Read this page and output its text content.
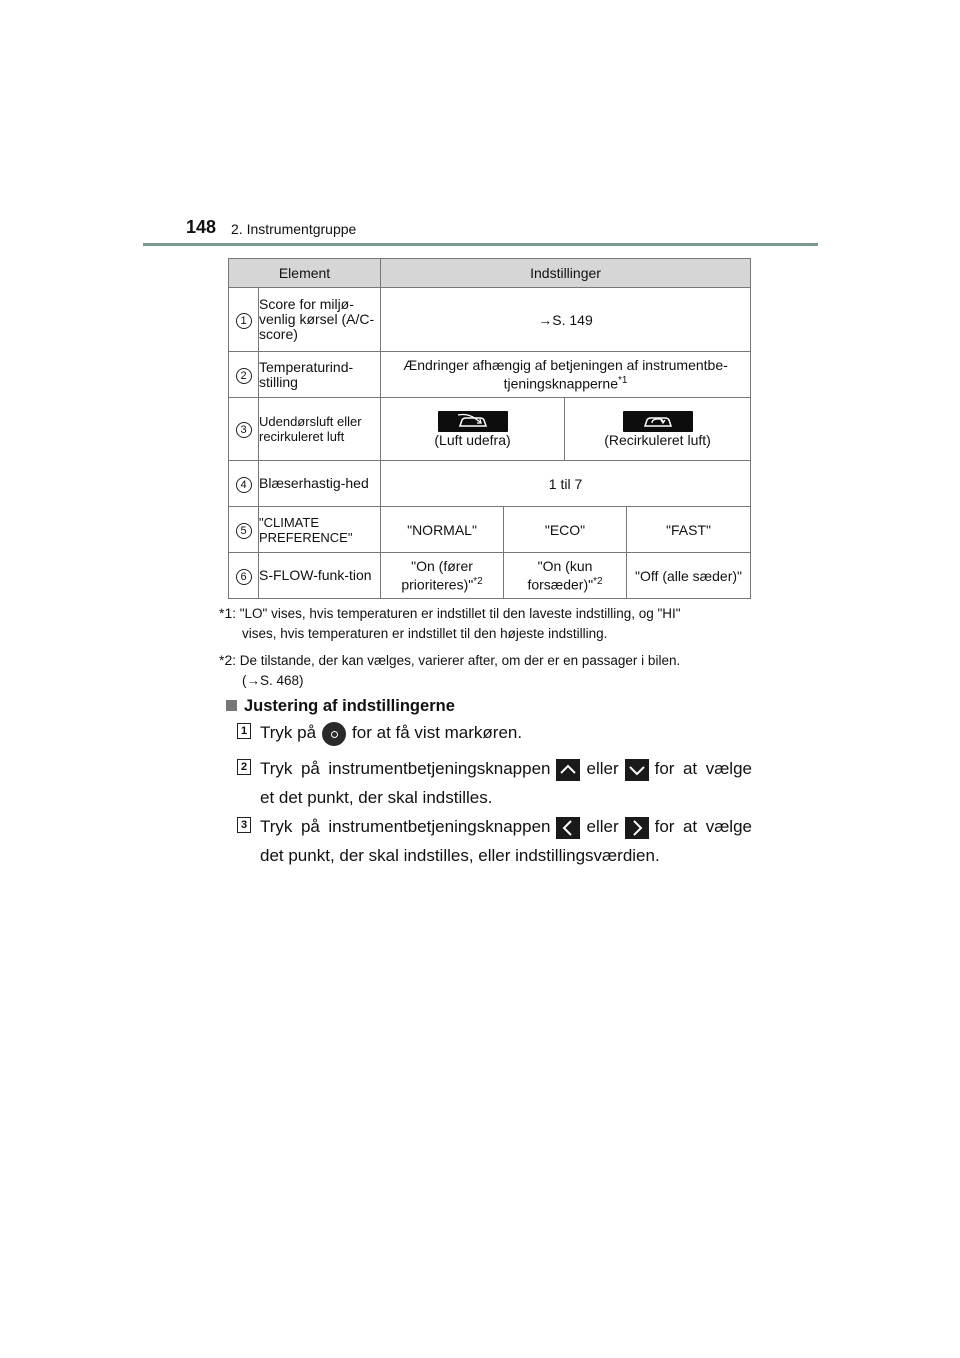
148 2. Instrumentgruppe
Element		Indstillinger			
1	Score for miljø-venlig kørsel (A/C-score)	→S. 149			
2	Temperaturind-stilling	Ændringer afhængig af betjeningen af instrumentbe-tjeningsknapperne$^{*1}$
3	Udendørsluft eller recirkuleret luft	(Luft udefra)		(Recirkuleret luft)	
4	Blæserhastig-hed	1 til 7			
5	"CLIMATE PREFERENCE"	"NORMAL"	"ECO"		"FAST"
6	S-FLOW-funk-tion	"On (fører prioriteres)"$^{*2}$	"On (kun forsæder)"$^{*2}$		"Off (alle sæder)"
*1: "LO" vises, hvis temperaturen er indstillet til den laveste indstilling, og "HI"
vises, hvis temperaturen er indstillet til den højeste indstilling.
*2: De tilstande, der kan vælges, varierer after, om der er en passager i bilen.
(→S. 468)
Justering af indstillingerne
1 Tryk på for at få vist markøren.
2 Tryk på instrumentbetjeningsknappen eller for at vælge et det punkt, der skal indstilles.
3 Tryk på instrumentbetjeningsknappen eller for at vælge det punkt, der skal indstilles, eller indstillingsværdien.
